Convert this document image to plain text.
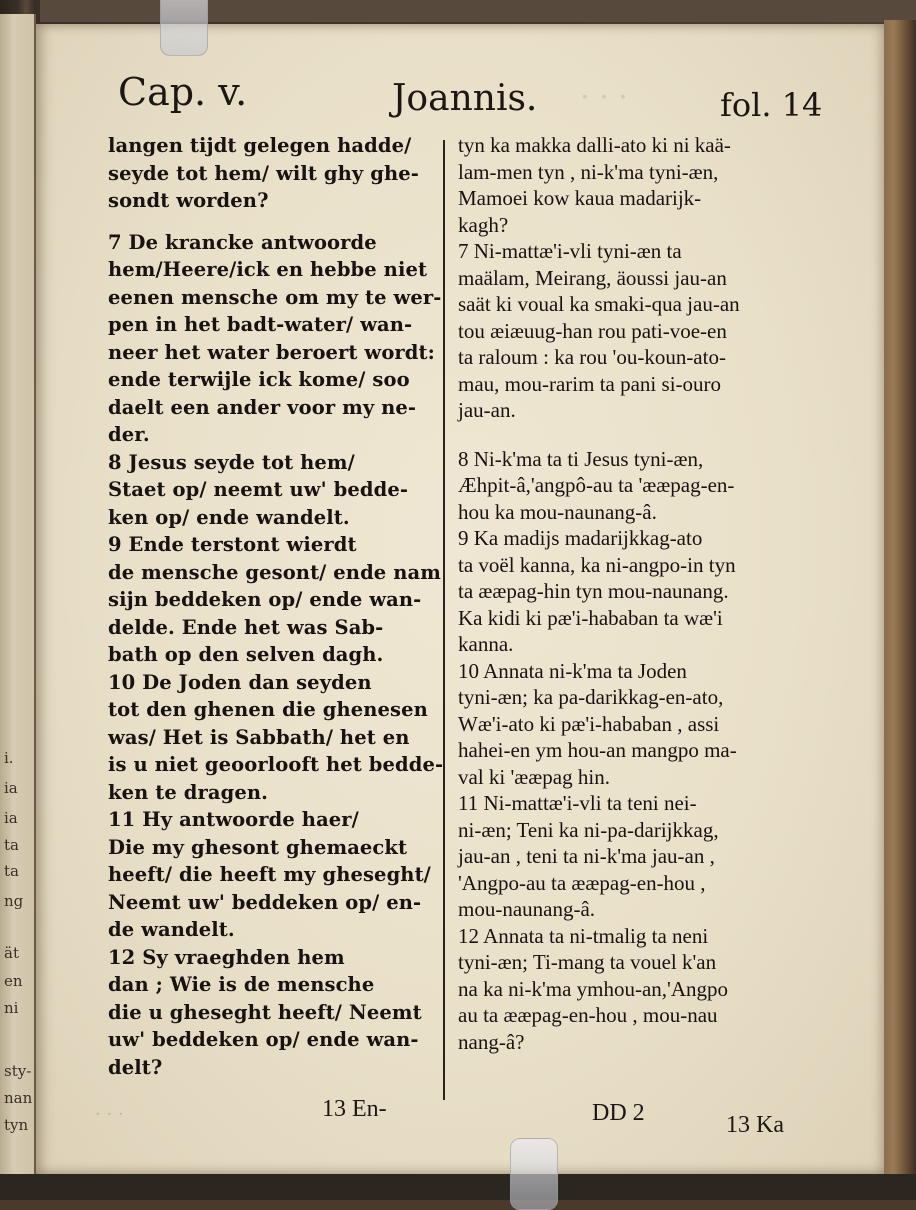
i.
ia
ia
ta
ta
ng
ät
en
ni
sty-
nan
tyn
· · ·
Cap. v.	Joannis.	fol. 14
langen tijdt gelegen hadde/
seyde tot hem/ wilt ghy ghe-
sondt worden?
7 De krancke antwoorde
hem/Heere/ick en hebbe niet
eenen mensche om my te wer-
pen in het badt-water/ wan-
neer het water beroert wordt:
ende terwijle ick kome/ soo
daelt een ander voor my ne-
der.
8 Jesus seyde tot hem/
Staet op/ neemt uw' bedde-
ken op/ ende wandelt.
9 Ende terstont wierdt
de mensche gesont/ ende nam
sijn beddeken op/ ende wan-
delde. Ende het was Sab-
bath op den selven dagh.
10 De Joden dan seyden
tot den ghenen die ghenesen
was/ Het is Sabbath/ het en
is u niet geoorlooft het bedde-
ken te dragen.
11 Hy antwoorde haer/
Die my ghesont ghemaeckt
heeft/ die heeft my gheseght/
Neemt uw' beddeken op/ en-
de wandelt.
12 Sy vraeghden hem
dan ; Wie is de mensche
die u gheseght heeft/ Neemt
uw' beddeken op/ ende wan-
delt?
tyn ka makka dalli-ato ki ni kaä-
lam-men tyn , ni-k'ma tyni-æn,
Mamoei kow kaua madarijk-
kagh?
7 Ni-mattæ'i-vli tyni-æn ta
maälam, Meirang, äoussi jau-an
saät ki voual ka smaki-qua jau-an
tou æiæuug-han rou pati-voe-en
ta raloum : ka rou 'ou-koun-ato-
mau, mou-rarim ta pani si-ouro
jau-an.
8 Ni-k'ma ta ti Jesus tyni-æn,
Æhpit-â,'angpô-au ta 'ææpag-en-
hou ka mou-naunang-â.
9 Ka madijs madarijkkag-ato
ta voël kanna, ka ni-angpo-in tyn
ta ææpag-hin tyn mou-naunang.
Ka kidi ki pæ'i-hababan ta wæ'i
kanna.
10 Annata ni-k'ma ta Joden
tyni-æn; ka pa-darikkag-en-ato,
Wæ'i-ato ki pæ'i-hababan , assi
hahei-en ym hou-an mangpo ma-
val ki 'ææpag hin.
11 Ni-mattæ'i-vli ta teni nei-
ni-æn; Teni ka ni-pa-darijkkag,
jau-an , teni ta ni-k'ma jau-an ,
'Angpo-au ta ææpag-en-hou ,
mou-naunang-â.
12 Annata ta ni-tmalig ta neni
tyni-æn; Ti-mang ta vouel k'an
na ka ni-k'ma ymhou-an,'Angpo
au ta ææpag-en-hou , mou-nau
nang-â?
· · ·	13 En-	DD 2	13 Ka
